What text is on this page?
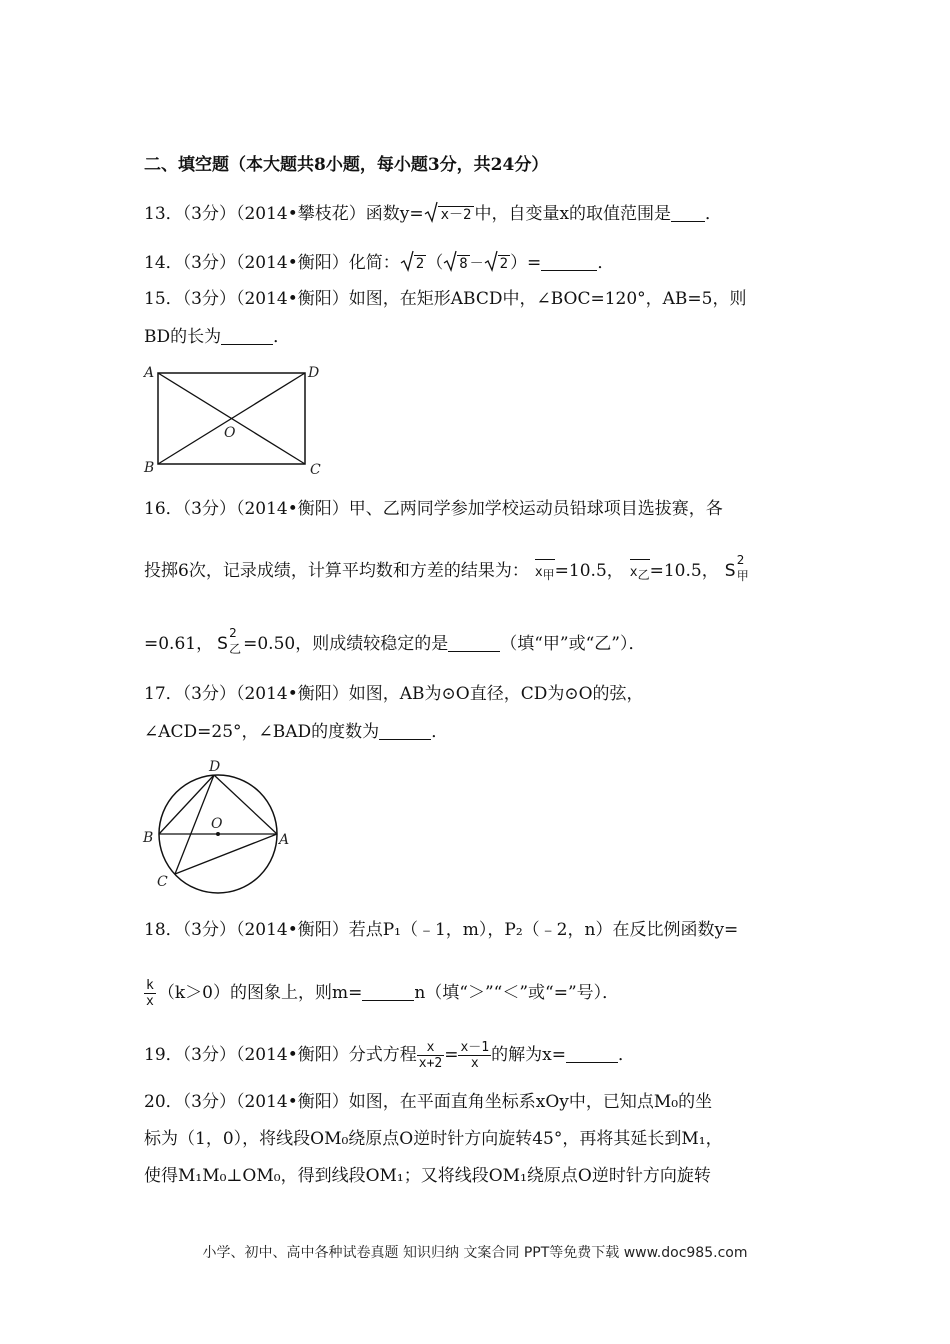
二、填空题（本大题共8小题，每小题3分，共24分）
13．（3分）（2014•攀枝花）函数y= x－2 中，自变量x的取值范围是 ．
14．（3分）（2014•衡阳）化简： 2 （ 8 － 2 ）=	．
15．（3分）（2014•衡阳）如图，在矩形ABCD中，∠BOC=120°，AB=5，则
BD的长为	．
A	D
B	C
O
16．（3分）（2014•衡阳）甲、乙两同学参加学校运动员铅球项目选拔赛，各
投掷6次，记录成绩，计算平均数和方差的结果为： x甲=10.5， x乙=10.5， S
2
甲
=0.61， S
2
乙 =0.50，则成绩较稳定的是	（填“甲”或“乙”）．
17．（3分）（2014•衡阳）如图，AB为⊙O直径，CD为⊙O的弦，
∠ACD=25°，∠BAD的度数为	．
D
B	A
C
O
18．（3分）（2014•衡阳）若点P₁（﹣1，m），P₂（﹣2，n）在反比例函数y=
$\frac{k}{x} (k>0)$的图象上，则m=	n（填“＞”“＜”或“=”号）．
19．（3分）（2014•衡阳）分式方程 $\frac{x}{x+2} = \frac{x-1}{x}$ 的解为x=	．
20．（3分）（2014•衡阳）如图，在平面直角坐标系xOy中，已知点M₀的坐
标为（1，0），将线段OM₀绕原点O逆时针方向旋转45°，再将其延长到M₁，
使得M₁M₀⊥OM₀，得到线段OM₁；又将线段OM₁绕原点O逆时针方向旋转
小学、初中、高中各种试卷真题 知识归纳 文案合同 PPT等免费下载 www.doc985.com
